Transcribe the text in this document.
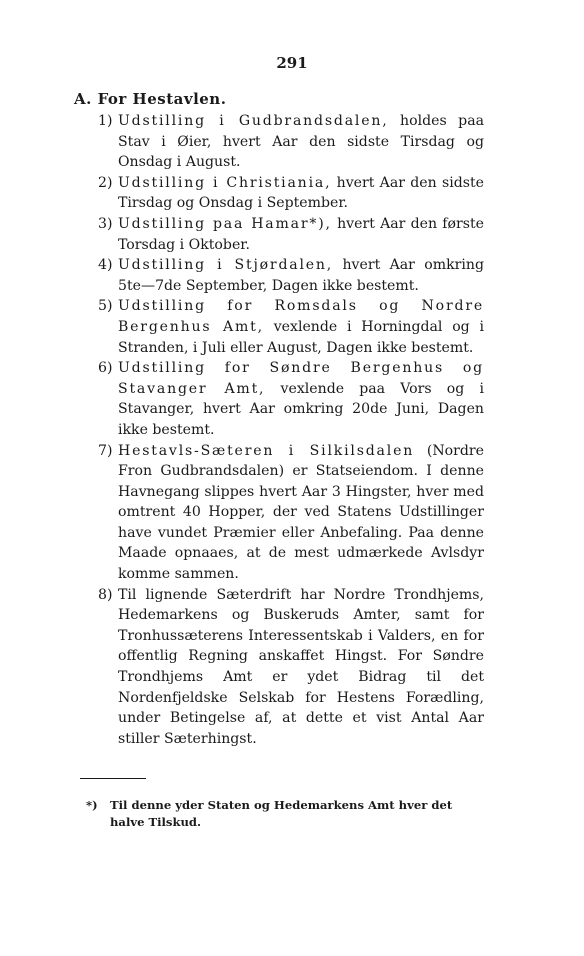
291
A. For Hestavlen.
1) Udstilling i Gudbrandsdalen, holdes paa Stav i Øier, hvert Aar den sidste Tirsdag og Onsdag i August.
2) Udstilling i Christiania, hvert Aar den sidste Tirsdag og Onsdag i September.
3) Udstilling paa Hamar*), hvert Aar den første Torsdag i Oktober.
4) Udstilling i Stjørdalen, hvert Aar omkring 5te—7de September, Dagen ikke bestemt.
5) Udstilling for Romsdals og Nordre Bergenhus Amt, vexlende i Horningdal og i Stranden, i Juli eller August, Dagen ikke bestemt.
6) Udstilling for Søndre Bergenhus og Stavanger Amt, vexlende paa Vors og i Stavanger, hvert Aar omkring 20de Juni, Dagen ikke bestemt.
7) Hestavls-Sæteren i Silkilsdalen (Nordre Fron Gudbrandsdalen) er Statseiendom. I denne Havnegang slippes hvert Aar 3 Hingster, hver med omtrent 40 Hopper, der ved Statens Udstillinger have vundet Præmier eller Anbefaling. Paa denne Maade opnaaes, at de mest udmærkede Avlsdyr komme sammen.
8) Til lignende Sæterdrift har Nordre Trondhjems, Hedemarkens og Buskeruds Amter, samt for Tronhussæterens Interessentskab i Valders, en for offentlig Regning anskaffet Hingst. For Søndre Trondhjems Amt er ydet Bidrag til det Nordenfjeldske Selskab for Hestens Forædling, under Betingelse af, at dette et vist Antal Aar stiller Sæterhingst.
*)	Til denne yder Staten og Hedemarkens Amt hver det halve Tilskud.
